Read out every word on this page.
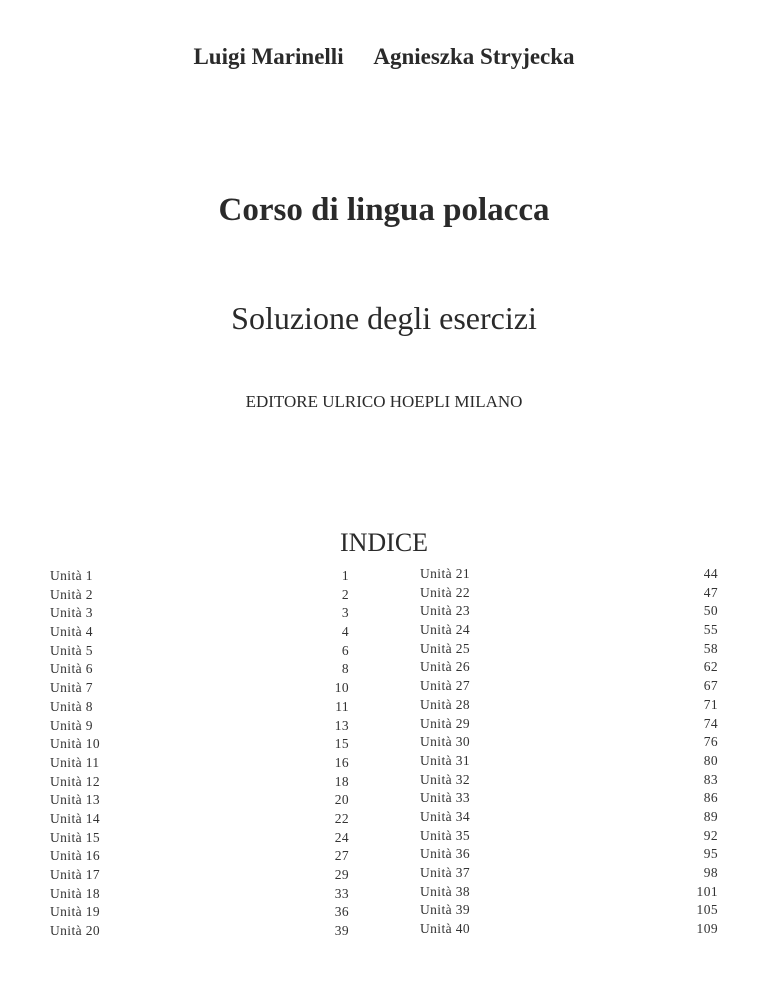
Luigi Marinelli Agnieszka Stryjecka
Corso di lingua polacca
Soluzione degli esercizi
EDITORE ULRICO HOEPLI MILANO
INDICE
Unità 1	1
Unità 2	2
Unità 3	3
Unità 4	4
Unità 5	6
Unità 6	8
Unità 7	10
Unità 8	11
Unità 9	13
Unità 10	15
Unità 11	16
Unità 12	18
Unità 13	20
Unità 14	22
Unità 15	24
Unità 16	27
Unità 17	29
Unità 18	33
Unità 19	36
Unità 20	39
Unità 21	44
Unità 22	47
Unità 23	50
Unità 24	55
Unità 25	58
Unità 26	62
Unità 27	67
Unità 28	71
Unità 29	74
Unità 30	76
Unità 31	80
Unità 32	83
Unità 33	86
Unità 34	89
Unità 35	92
Unità 36	95
Unità 37	98
Unità 38	101
Unità 39	105
Unità 40	109
